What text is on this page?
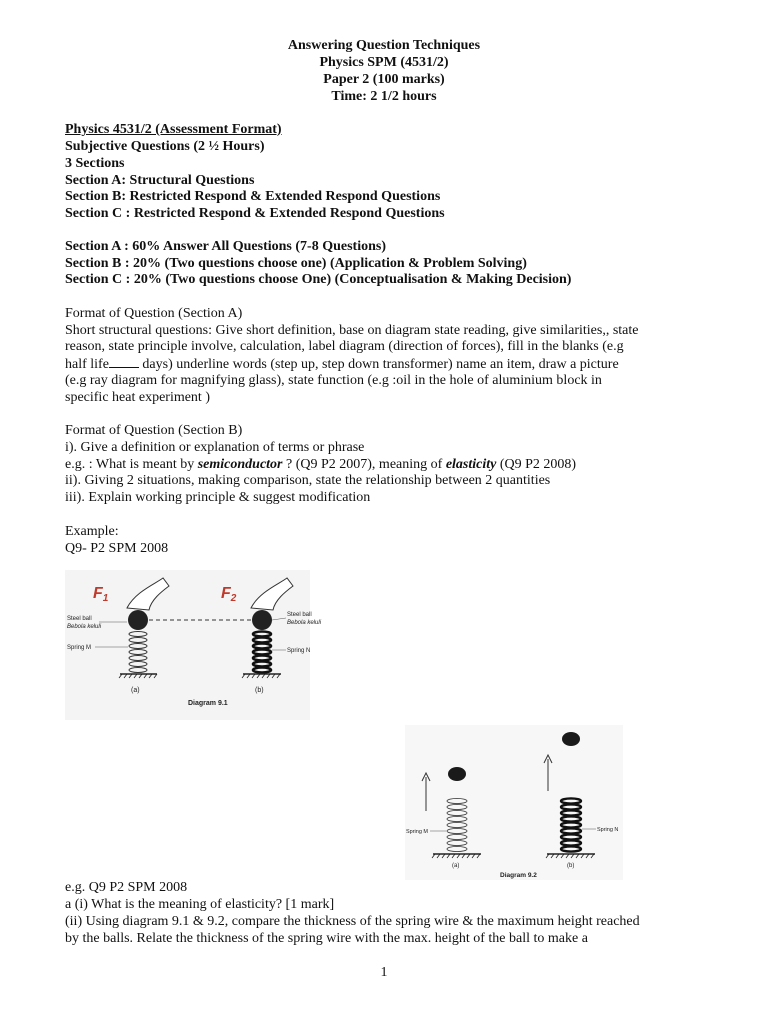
Answering Question Techniques
Physics SPM (4531/2)
Paper 2 (100 marks)
Time: 2 1/2 hours
Physics 4531/2 (Assessment Format)
Subjective Questions (2 ½ Hours)
3 Sections
Section A: Structural Questions
Section B: Restricted Respond & Extended Respond Questions
Section C : Restricted Respond & Extended Respond Questions
Section A : 60% Answer All Questions (7-8 Questions)
Section B : 20% (Two questions choose one) (Application & Problem Solving)
Section C : 20% (Two questions choose One) (Conceptualisation & Making Decision)
Format of Question (Section A)
Short structural questions: Give short definition, base on diagram state reading, give similarities,, state
reason, state principle involve, calculation, label diagram (direction of forces), fill in the blanks (e.g
half life days) underline words (step up, step down transformer) name an item, draw a picture
(e.g ray diagram for magnifying glass), state function (e.g :oil in the hole of aluminium block in
specific heat experiment )
Format of Question (Section B)
i). Give a definition or explanation of terms or phrase
e.g. : What is meant by semiconductor ? (Q9 P2 2007), meaning of elasticity (Q9 P2 2008)
ii). Giving 2 situations, making comparison, state the relationship between 2 quantities
iii). Explain working principle & suggest modification
Example:
Q9- P2 SPM 2008
F1	F2
Steel ball
Bebola keluli
Spring M
Steel ball
Bebola keluli
Spring N
(a)	(b)
Diagram 9.1
Spring M	Spring N
(a)	(b)
Diagram 9.2
e.g. Q9 P2 SPM 2008
a (i) What is the meaning of elasticity? [1 mark]
(ii) Using diagram 9.1 & 9.2, compare the thickness of the spring wire & the maximum height reached
by the balls. Relate the thickness of the spring wire with the max. height of the ball to make a
1
